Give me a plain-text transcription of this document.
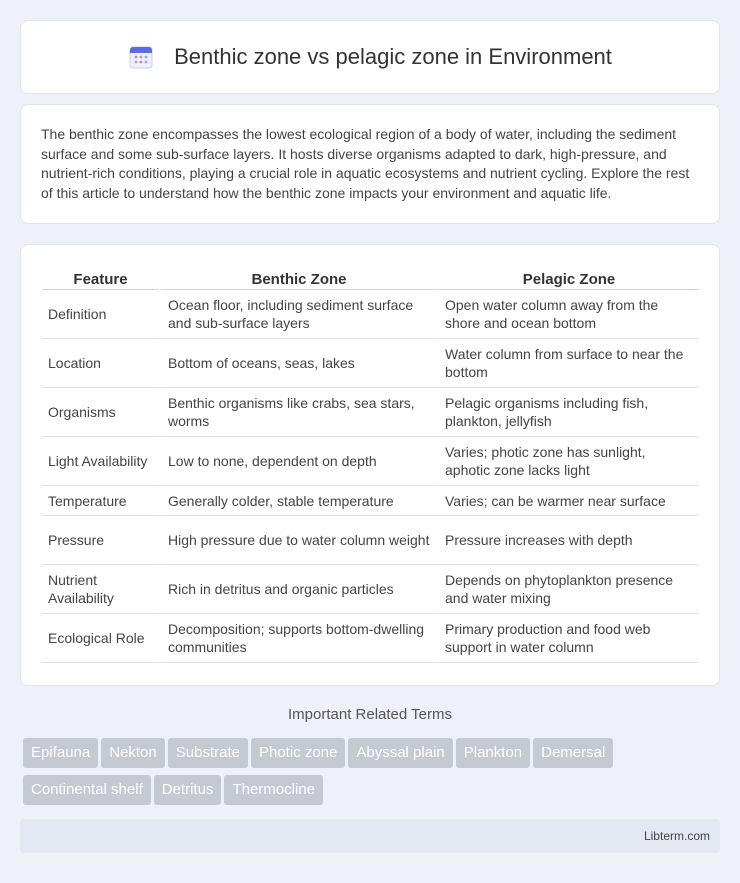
Benthic zone vs pelagic zone in Environment

The benthic zone encompasses the lowest ecological region of a body of water, including the sediment surface and some sub-surface layers. It hosts diverse organisms adapted to dark, high-pressure, and nutrient-rich conditions, playing a crucial role in aquatic ecosystems and nutrient cycling. Explore the rest of this article to understand how the benthic zone impacts your environment and aquatic life.

Feature	Benthic Zone	Pelagic Zone
Definition	Ocean floor, including sediment surface and sub-surface layers	Open water column away from the shore and ocean bottom
Location	Bottom of oceans, seas, lakes	Water column from surface to near the bottom
Organisms	Benthic organisms like crabs, sea stars, worms	Pelagic organisms including fish, plankton, jellyfish
Light Availability	Low to none, dependent on depth	Varies; photic zone has sunlight, aphotic zone lacks light
Temperature	Generally colder, stable temperature	Varies; can be warmer near surface
Pressure	High pressure due to water column weight	Pressure increases with depth
Nutrient Availability	Rich in detritus and organic particles	Depends on phytoplankton presence and water mixing
Ecological Role	Decomposition; supports bottom-dwelling communities	Primary production and food web support in water column
Important Related Terms
Epifauna Nekton Substrate Photic zone Abyssal plain Plankton Demersal
Continental shelf Detritus Thermocline
Libterm.com
